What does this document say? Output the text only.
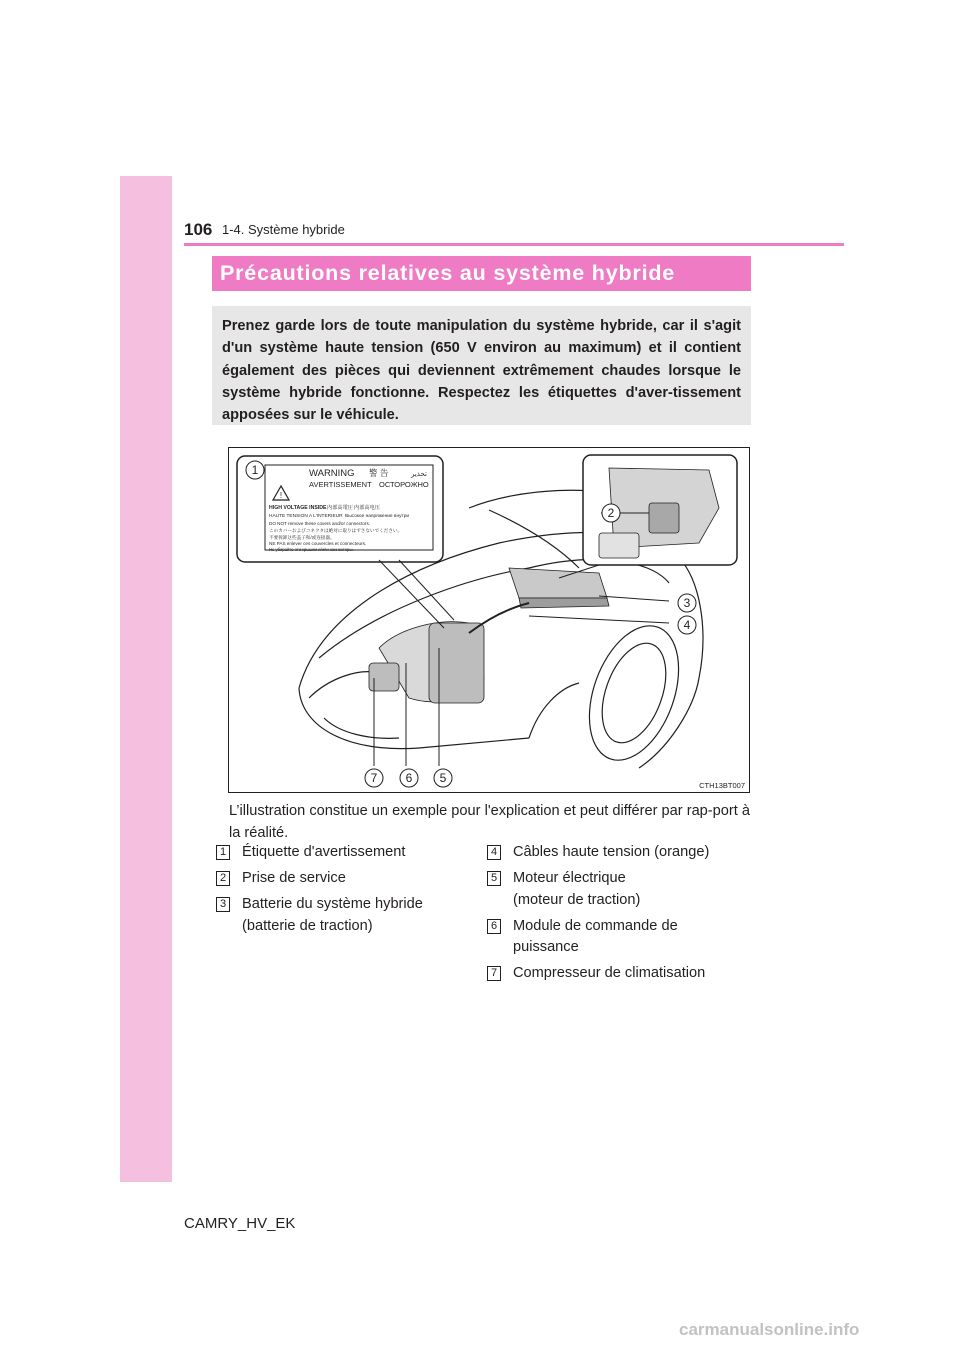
106 1-4. Système hybride
Précautions relatives au système hybride

Prenez garde lors de toute manipulation du système hybride, car il s'agit d'un système haute tension (650 V environ au maximum) et il contient également des pièces qui deviennent extrêmement chaudes lorsque le système hybride fonctionne. Respectez les étiquettes d'aver-tissement apposées sur le véhicule.

!
WARNING 警 告	تحذير
AVERTISSEMENT ОСТОРОЖНО
HIGH VOLTAGE INSIDE 内部高電圧 内部高电压
HAUTE TENSION A L'INTERIEUR Высокое напряжение внутри
DO NOT remove these covers and/or connectors.
このカバーおよびコネクタは絶対に取りはずさないでください。
不要拆卸这些盖子和/或连接器。
NE PAS enlever ces couvercles et connecteurs.
Не убирайте эти крышки и/или коннекторы.
1
2
3
4
5
6
7
CTH13BT007

L’illustration constitue un exemple pour l'explication et peut différer par rap-port à la réalité.

1 Étiquette d'avertissement
2 Prise de service
3 Batterie du système hybride
(batterie de traction)
4 Câbles haute tension (orange)
5 Moteur électrique
(moteur de traction)
6 Module de commande de
puissance
7 Compresseur de climatisation
CAMRY_HV_EK
carmanualsonline.info
